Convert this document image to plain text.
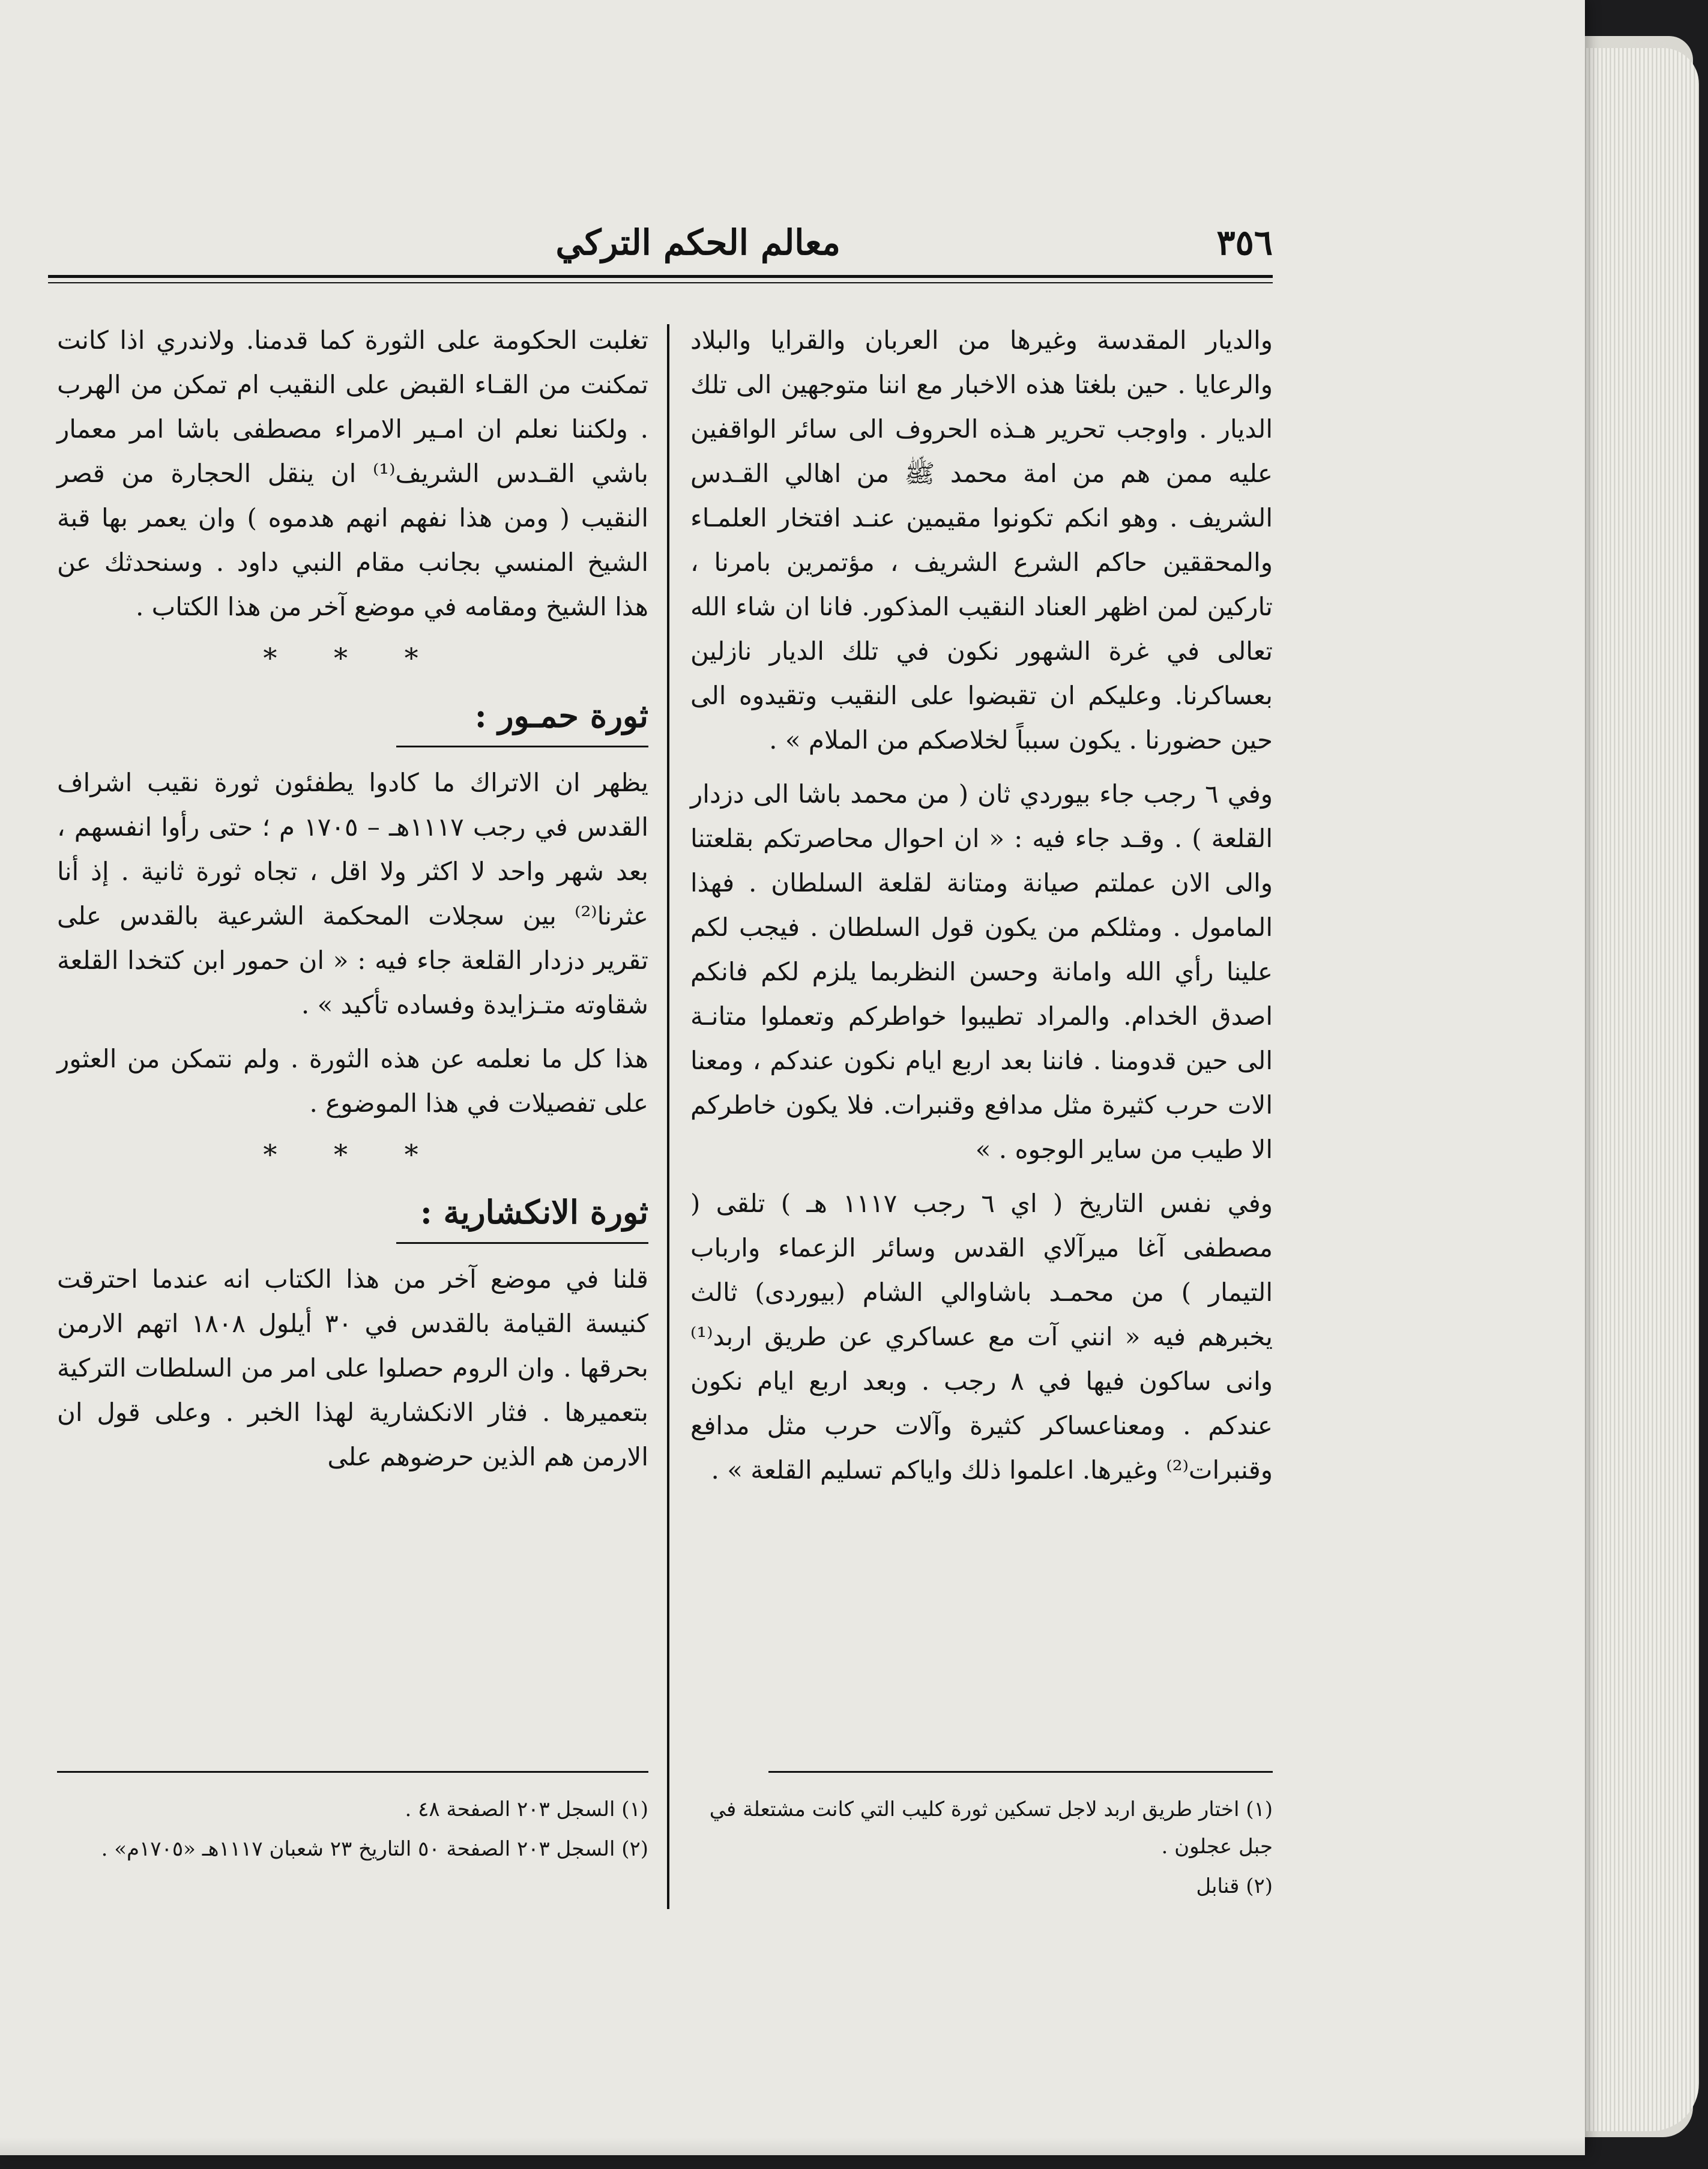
٣٥٦
معالم الحكم التركي

والديار المقدسة وغيرها من العربان والقرايا والبلاد والرعايا . حين بلغتا هذه الاخبار مع اننا متوجهين الى تلك الديار . واوجب تحرير هـذه الحروف الى سائر الواقفين عليه ممن هم من امة محمد ﷺ من اهالي القـدس الشريف . وهو انكم تكونوا مقيمين عنـد افتخار العلمـاء والمحققين حاكم الشرع الشريف ، مؤتمرين بامرنا ، تاركين لمن اظهر العناد النقيب المذكور. فانا ان شاء الله تعالى في غرة الشهور نكون في تلك الديار نازلين بعساكرنا. وعليكم ان تقبضوا على النقيب وتقيدوه الى حين حضورنا . يكون سبباً لخلاصكم من الملام » .

وفي ٦ رجب جاء بيوردي ثان ( من محمد باشا الى دزدار القلعة ) . وقـد جاء فيه : « ان احوال محاصرتكم بقلعتنا والى الان عملتم صيانة ومتانة لقلعة السلطان . فهذا المامول . ومثلكم من يكون قول السلطان . فيجب لكم علينا رأي الله وامانة وحسن النظربما يلزم لكم فانكم اصدق الخدام. والمراد تطيبوا خواطركم وتعملوا متانـة الى حين قدومنا . فاننا بعد اربع ايام نكون عندكم ، ومعنا الات حرب كثيرة مثل مدافع وقنبرات. فلا يكون خاطركم الا طيب من ساير الوجوه . »

وفي نفس التاريخ ( اي ٦ رجب ١١١٧ هـ ) تلقى ( مصطفى آغا ميرآلاي القدس وسائر الزعماء وارباب التيمار ) من محمـد باشاوالي الشام (بيوردى) ثالث يخبرهم فيه « انني آت مع عساكري عن طريق اربد⁽¹⁾ وانى ساكون فيها في ٨ رجب . وبعد اربع ايام نكون عندكم . ومعناعساكر كثيرة وآلات حرب مثل مدافع وقنبرات⁽²⁾ وغيرها. اعلموا ذلك واياكم تسليم القلعة » .

تغلبت الحكومة على الثورة كما قدمنا. ولاندري اذا كانت تمكنت من القـاء القبض على النقيب ام تمكن من الهرب . ولكننا نعلم ان امـير الامراء مصطفى باشا امر معمار باشي القـدس الشريف⁽¹⁾ ان ينقل الحجارة من قصر النقيب ( ومن هذا نفهم انهم هدموه ) وان يعمر بها قبة الشيخ المنسي بجانب مقام النبي داود . وسنحدثك عن هذا الشيخ ومقامه في موضع آخر من هذا الكتاب .

* * *
ثورة حمـور :

يظهر ان الاتراك ما كادوا يطفئون ثورة نقيب اشراف القدس في رجب ١١١٧هـ – ١٧٠٥ م ؛ حتى رأوا انفسهم ، بعد شهر واحد لا اكثر ولا اقل ، تجاه ثورة ثانية . إذ أنا عثرنا⁽²⁾ بين سجلات المحكمة الشرعية بالقدس على تقرير دزدار القلعة جاء فيه : « ان حمور ابن كتخدا القلعة شقاوته متـزايدة وفساده تأكيد » .

هذا كل ما نعلمه عن هذه الثورة . ولم نتمكن من العثور على تفصيلات في هذا الموضوع .

* * *
ثورة الانكشارية :

قلنا في موضع آخر من هذا الكتاب انه عندما احترقت كنيسة القيامة بالقدس في ٣٠ أيلول ١٨٠٨ اتهم الارمن بحرقها . وان الروم حصلوا على امر من السلطات التركية بتعميرها . فثار الانكشارية لهذا الخبر . وعلى قول ان الارمن هم الذين حرضوهم على

(١) اختار طريق اربد لاجل تسكين ثورة كليب التي كانت مشتعلة في جبل عجلون .

(٢) قنابل

(١) السجل ٢٠٣ الصفحة ٤٨ .

(٢) السجل ٢٠٣ الصفحة ٥٠ التاريخ ٢٣ شعبان ١١١٧هـ «١٧٠٥م» .
